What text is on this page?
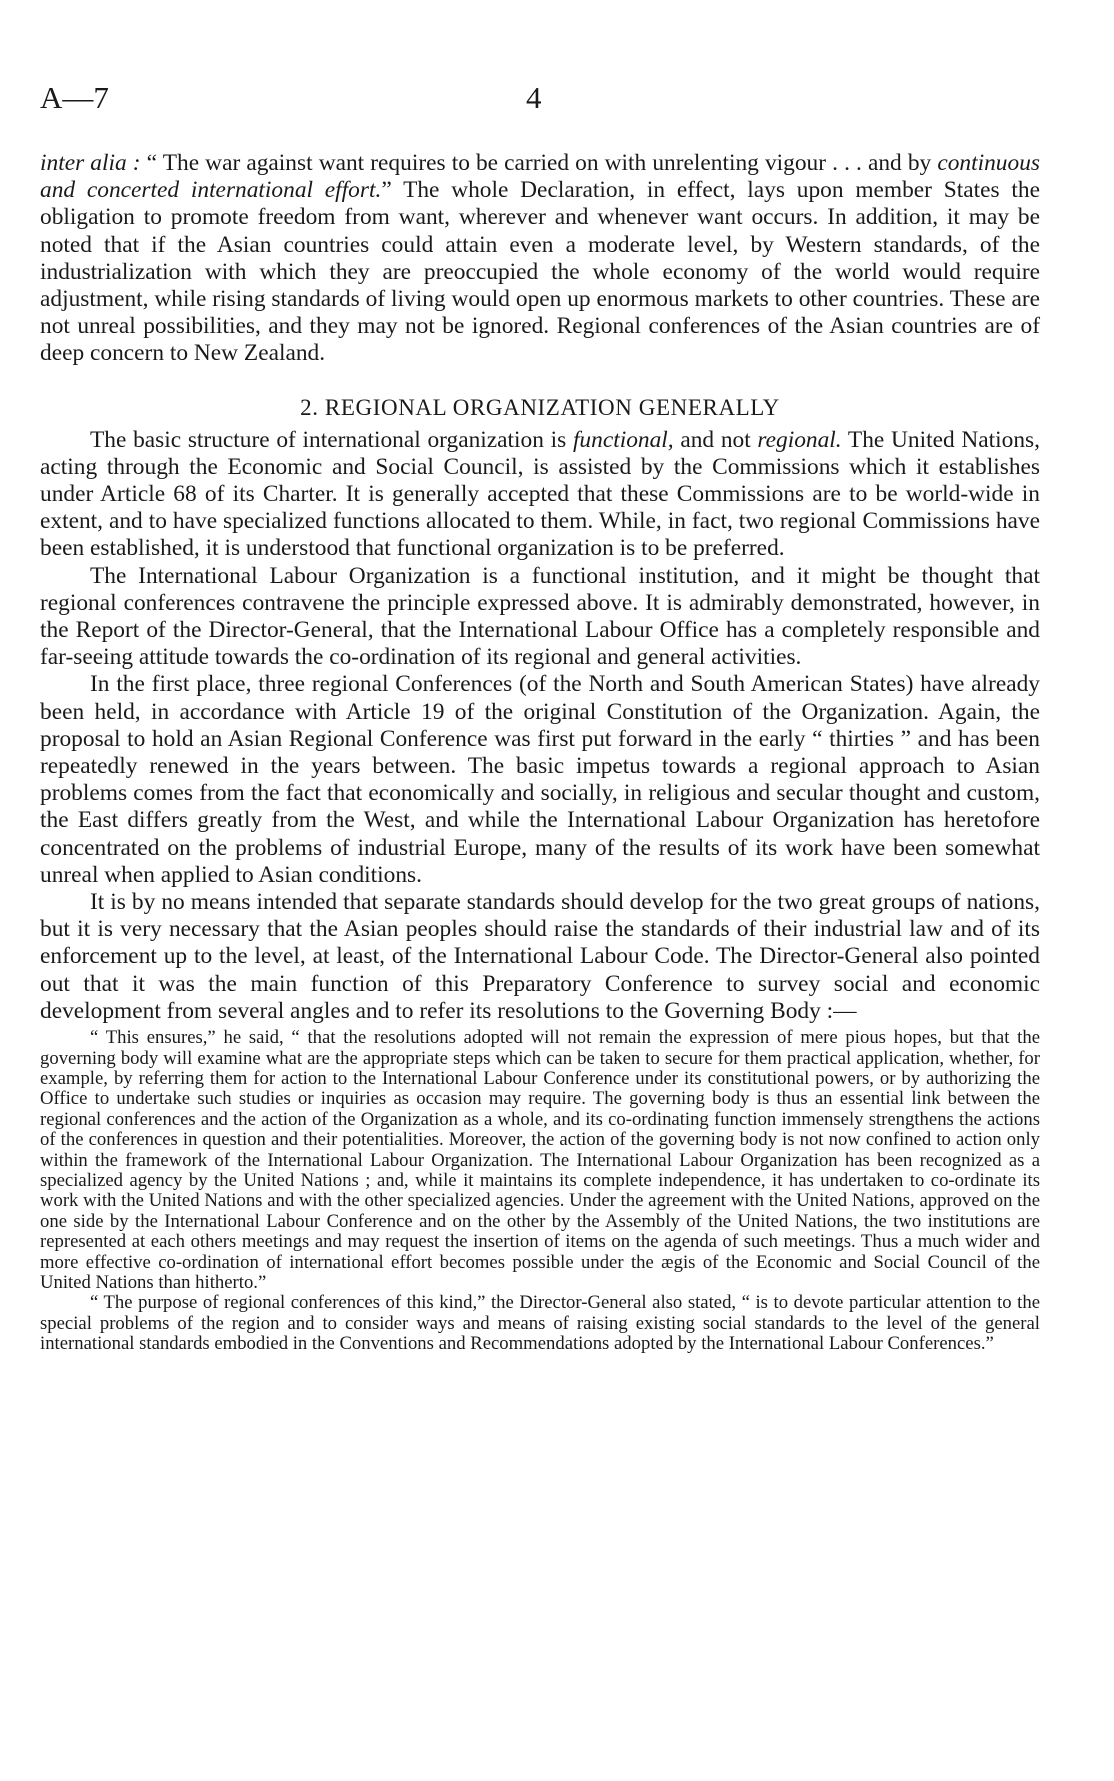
A—7	4

inter alia : “ The war against want requires to be carried on with unrelenting vigour . . . and by continuous and concerted international effort.” The whole Declaration, in effect, lays upon member States the obligation to promote freedom from want, wherever and whenever want occurs. In addition, it may be noted that if the Asian countries could attain even a moderate level, by Western standards, of the industrialization with which they are preoccupied the whole economy of the world would require adjustment, while rising standards of living would open up enormous markets to other countries. These are not unreal possibilities, and they may not be ignored. Regional conferences of the Asian countries are of deep concern to New Zealand.

2. REGIONAL ORGANIZATION GENERALLY

The basic structure of international organization is functional, and not regional. The United Nations, acting through the Economic and Social Council, is assisted by the Commissions which it establishes under Article 68 of its Charter. It is generally accepted that these Commissions are to be world-wide in extent, and to have specialized functions allocated to them. While, in fact, two regional Commissions have been established, it is understood that functional organization is to be preferred.

The International Labour Organization is a functional institution, and it might be thought that regional conferences contravene the principle expressed above. It is admirably demonstrated, however, in the Report of the Director-General, that the International Labour Office has a completely responsible and far-seeing attitude towards the co-ordination of its regional and general activities.

In the first place, three regional Conferences (of the North and South American States) have already been held, in accordance with Article 19 of the original Constitution of the Organization. Again, the proposal to hold an Asian Regional Conference was first put forward in the early “ thirties ” and has been repeatedly renewed in the years between. The basic impetus towards a regional approach to Asian problems comes from the fact that economically and socially, in religious and secular thought and custom, the East differs greatly from the West, and while the International Labour Organization has heretofore concentrated on the problems of industrial Europe, many of the results of its work have been somewhat unreal when applied to Asian conditions.

It is by no means intended that separate standards should develop for the two great groups of nations, but it is very necessary that the Asian peoples should raise the standards of their industrial law and of its enforcement up to the level, at least, of the International Labour Code. The Director-General also pointed out that it was the main function of this Preparatory Conference to survey social and economic development from several angles and to refer its resolutions to the Governing Body :—

“ This ensures,” he said, “ that the resolutions adopted will not remain the expression of mere pious hopes, but that the governing body will examine what are the appropriate steps which can be taken to secure for them practical application, whether, for example, by referring them for action to the International Labour Conference under its constitutional powers, or by authorizing the Office to undertake such studies or inquiries as occasion may require. The governing body is thus an essential link between the regional conferences and the action of the Organization as a whole, and its co-ordinating function immensely strengthens the actions of the conferences in question and their potentialities. Moreover, the action of the governing body is not now confined to action only within the framework of the International Labour Organization. The International Labour Organization has been recognized as a specialized agency by the United Nations ; and, while it maintains its complete independence, it has undertaken to co-ordinate its work with the United Nations and with the other specialized agencies. Under the agreement with the United Nations, approved on the one side by the International Labour Conference and on the other by the Assembly of the United Nations, the two institutions are represented at each others meetings and may request the insertion of items on the agenda of such meetings. Thus a much wider and more effective co-ordination of international effort becomes possible under the ægis of the Economic and Social Council of the United Nations than hitherto.”

“ The purpose of regional conferences of this kind,” the Director-General also stated, “ is to devote particular attention to the special problems of the region and to consider ways and means of raising existing social standards to the level of the general international standards embodied in the Conventions and Recommendations adopted by the International Labour Conferences.”
